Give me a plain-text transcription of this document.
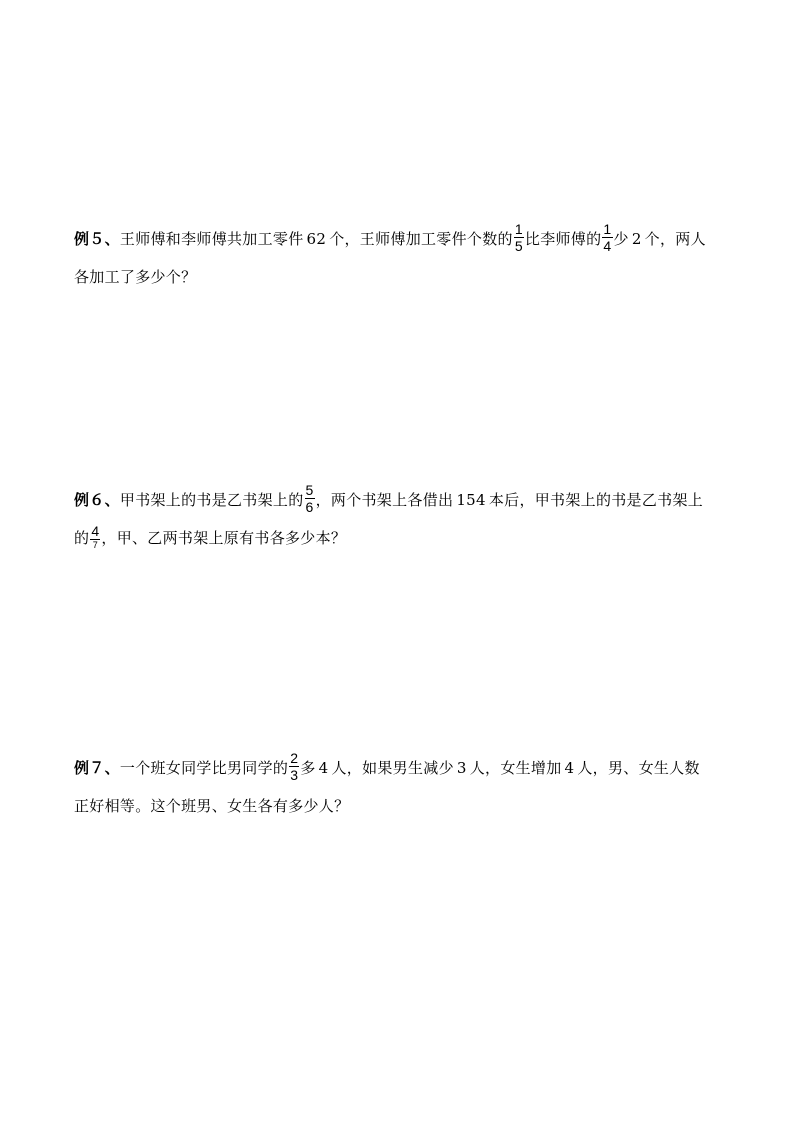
例５、王师傅和李师傅共加工零件 62 个，王师傅加工零件个数的 $\frac{1}{5}$ 比李师傅的 $\frac{1}{4}$ 少 2 个，两人
各加工了多少个？
例６、甲书架上的书是乙书架上的 $\frac{5}{6}$ ，两个书架上各借出 154 本后，甲书架上的书是乙书架上
的 $\frac{4}{7}$ ，甲、乙两书架上原有书各多少本？
例７、一个班女同学比男同学的 $\frac{2}{3}$ 多 4 人，如果男生减少 3 人，女生增加 4 人，男、女生人数
正好相等。这个班男、女生各有多少人？
